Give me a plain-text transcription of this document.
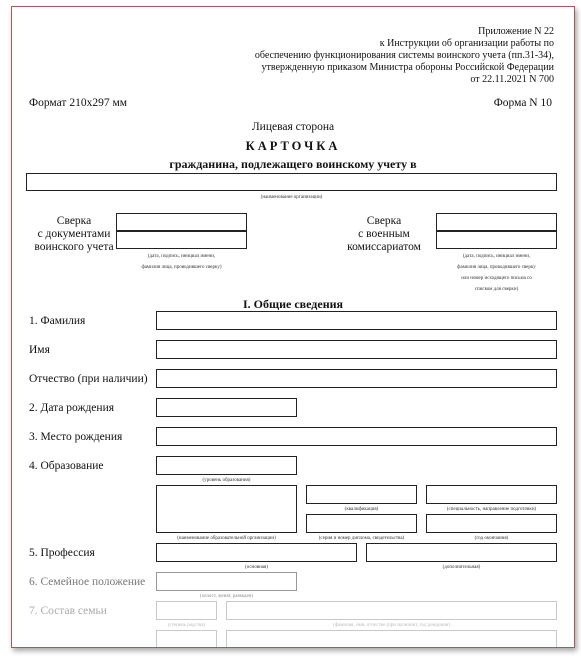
Приложение N 22
к Инструкции об организации работы по
обеспечению функционирования системы воинского учета (пп.31-34),
утвержденную приказом Министра обороны Российской Федерации
от 22.11.2021 N 700
Формат 210x297 мм	Форма N 10
Лицевая сторона
КАРТОЧКА
гражданина, подлежащего воинскому учету в
(наименование организации)
Сверка
с документами
воинского учета
(дата, подпись, инициал имени,
фамилия лица, проводившего сверку)
Сверка
с военным
комиссариатом
(дата, подпись, инициал имени,
фамилия лица, проводившего сверку
или номер исходящего письма со
списком для сверки)
I. Общие сведения
1. Фамилия
Имя
Отчество (при наличии)
2. Дата рождения
3. Место рождения
4. Образование
(уровень образования)
(наименование образовательной организации)
(квалификация)	(специальность, направление подготовки)
(серия и номер диплома, свидетельства)	(год окончания)
5. Профессия
(основная)	(дополнительная)
6. Семейное положение
(холост, женат, разведен)
7. Состав семьи
(степень родства)	(фамилия, имя, отчество (при наличии), год рождения)
